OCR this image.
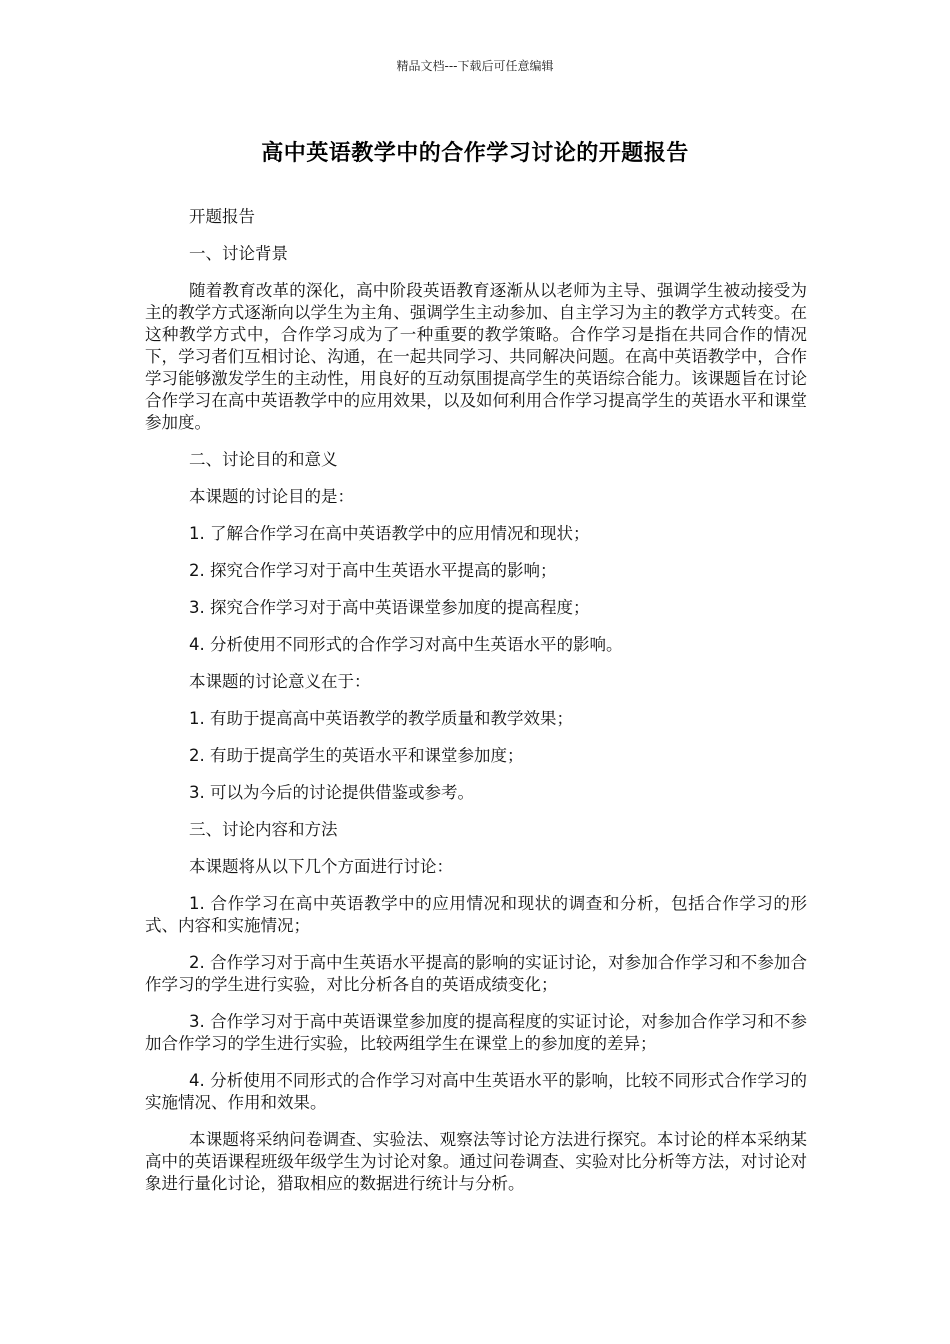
精品文档---下载后可任意编辑
高中英语教学中的合作学习讨论的开题报告

开题报告

一、讨论背景

随着教育改革的深化，高中阶段英语教育逐渐从以老师为主导、强调学生被动接受为主的教学方式逐渐向以学生为主角、强调学生主动参加、自主学习为主的教学方式转变。在这种教学方式中，合作学习成为了一种重要的教学策略。合作学习是指在共同合作的情况下，学习者们互相讨论、沟通，在一起共同学习、共同解决问题。在高中英语教学中，合作学习能够激发学生的主动性，用良好的互动氛围提高学生的英语综合能力。该课题旨在讨论合作学习在高中英语教学中的应用效果，以及如何利用合作学习提高学生的英语水平和课堂参加度。

二、讨论目的和意义

本课题的讨论目的是：

1. 了解合作学习在高中英语教学中的应用情况和现状；

2. 探究合作学习对于高中生英语水平提高的影响；

3. 探究合作学习对于高中英语课堂参加度的提高程度；

4. 分析使用不同形式的合作学习对高中生英语水平的影响。

本课题的讨论意义在于：

1. 有助于提高高中英语教学的教学质量和教学效果；

2. 有助于提高学生的英语水平和课堂参加度；

3. 可以为今后的讨论提供借鉴或参考。

三、讨论内容和方法

本课题将从以下几个方面进行讨论：

1. 合作学习在高中英语教学中的应用情况和现状的调查和分析，包括合作学习的形式、内容和实施情况；

2. 合作学习对于高中生英语水平提高的影响的实证讨论，对参加合作学习和不参加合作学习的学生进行实验，对比分析各自的英语成绩变化；

3. 合作学习对于高中英语课堂参加度的提高程度的实证讨论，对参加合作学习和不参加合作学习的学生进行实验，比较两组学生在课堂上的参加度的差异；

4. 分析使用不同形式的合作学习对高中生英语水平的影响，比较不同形式合作学习的实施情况、作用和效果。

本课题将采纳问卷调查、实验法、观察法等讨论方法进行探究。本讨论的样本采纳某高中的英语课程班级年级学生为讨论对象。通过问卷调查、实验对比分析等方法，对讨论对象进行量化讨论，猎取相应的数据进行统计与分析。
